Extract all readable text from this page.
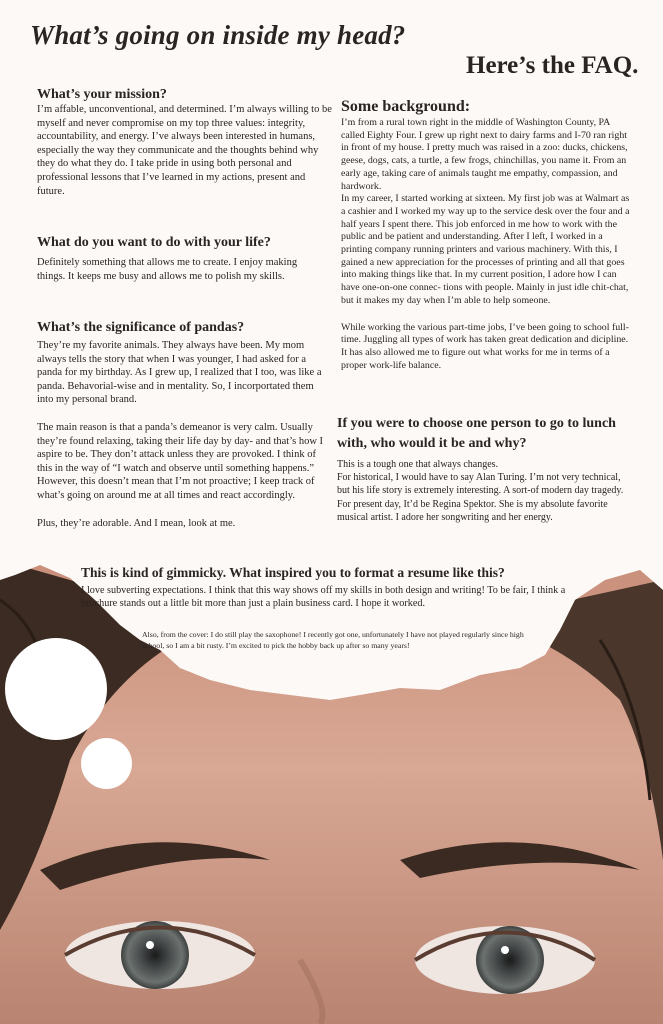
What’s going on inside my head?
Here’s the FAQ.

What’s your mission?

I’m affable, unconventional, and determined. I’m always willing to be myself and never compromise on my top three values: integrity, accountability, and energy. I’ve always been interested in humans, especially the way they communicate and the thoughts behind why they do what they do. I take pride in using both personal and professional lessons that I’ve learned in my actions, present and future.

What do you want to do with your life?

Definitely something that allows me to create. I enjoy making things. It keeps me busy and allows me to polish my skills.

What’s the significance of pandas?

They’re my favorite animals. They always have been. My mom always tells the story that when I was younger, I had asked for a panda for my birthday. As I grew up, I realized that I too, was like a panda. Behavorial-wise and in mentality. So, I incorportated them into my personal brand.

The main reason is that a panda’s demeanor is very calm. Usually they’re found relaxing, taking their life day by day- and that’s how I aspire to be. They don’t attack unless they are provoked. I think of this in the way of “I watch and observe until something happens.” However, this doesn’t mean that I’m not proactive; I keep track of what’s going on around me at all times and react accordingly.

Plus, they’re adorable. And I mean, look at me.

Some background:

I’m from a rural town right in the middle of Washington County, PA called Eighty Four. I grew up right next to dairy farms and I-70 ran right in front of my house. I pretty much was raised in a zoo: ducks, chickens, geese, dogs, cats, a turtle, a few frogs, chinchillas, you name it. From an early age, taking care of animals taught me empathy, compassion, and hardwork.

In my career, I started working at sixteen. My first job was at Walmart as a cashier and I worked my way up to the service desk over the four and a half years I spent there. This job enforced in me how to work with the public and be patient and understanding. After I left, I worked in a printing company running printers and various machinery. With this, I gained a new appreciation for the processes of printing and all that goes into making things like that. In my current position, I adore how I can have one-on-one connec- tions with people. Mainly in just idle chit-chat, but it makes my day when I’m able to help someone.

While working the various part-time jobs, I’ve been going to school full-time. Juggling all types of work has taken great dedication and dicipline. It has also allowed me to figure out what works for me in terms of a proper work-life balance.

If you were to choose one person to go to lunch with, who would it be and why?

This is a tough one that always changes.

For historical, I would have to say Alan Turing. I’m not very technical, but his life story is extremely interesting. A sort-of modern day tragedy.

For present day, It’d be Regina Spektor. She is my absolute favorite musical artist. I adore her songwriting and her energy.

This is kind of gimmicky. What inspired you to format a resume like this?

I love subverting expectations. I think that this way shows off my skills in both design and writing! To be fair, I think a brochure stands out a little bit more than just a plain business card. I hope it worked.

Also, from the cover: I do still play the saxophone! I recently got one, unfortunately I have not played regularly since high school, so I am a bit rusty. I’m excited to pick the hobby back up after so many years!
